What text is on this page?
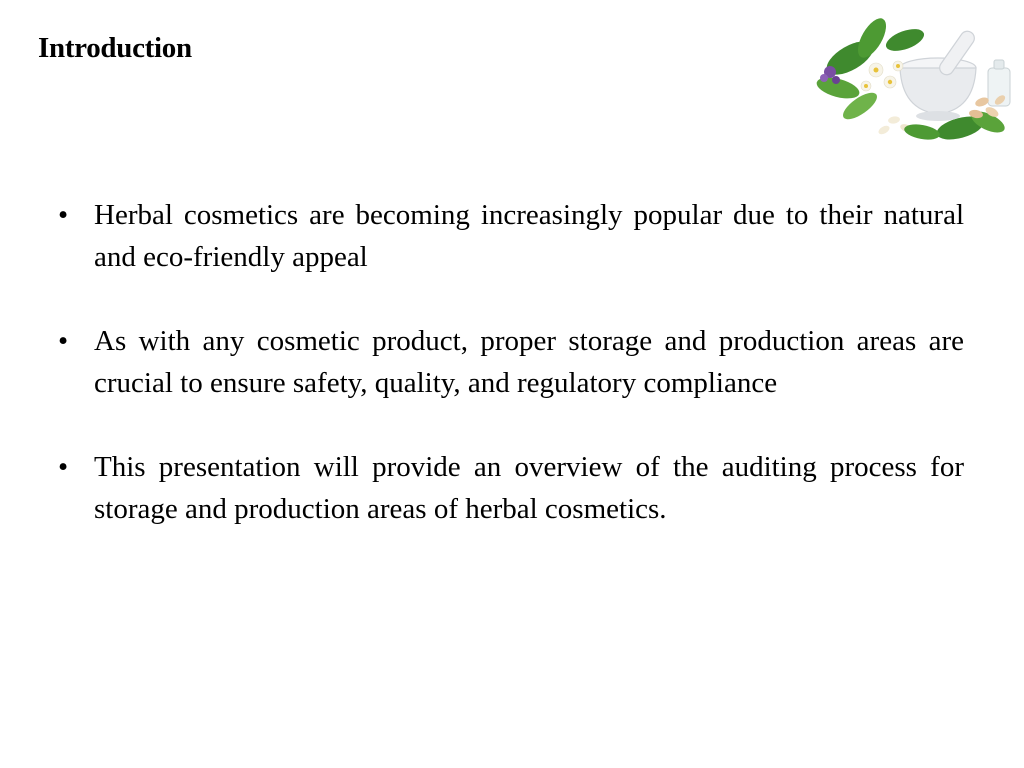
Introduction
• Herbal cosmetics are becoming increasingly popular due to their natural and eco-friendly appeal
• As with any cosmetic product, proper storage and production areas are crucial to ensure safety, quality, and regulatory compliance
• This presentation will provide an overview of the auditing process for storage and production areas of herbal cosmetics.
